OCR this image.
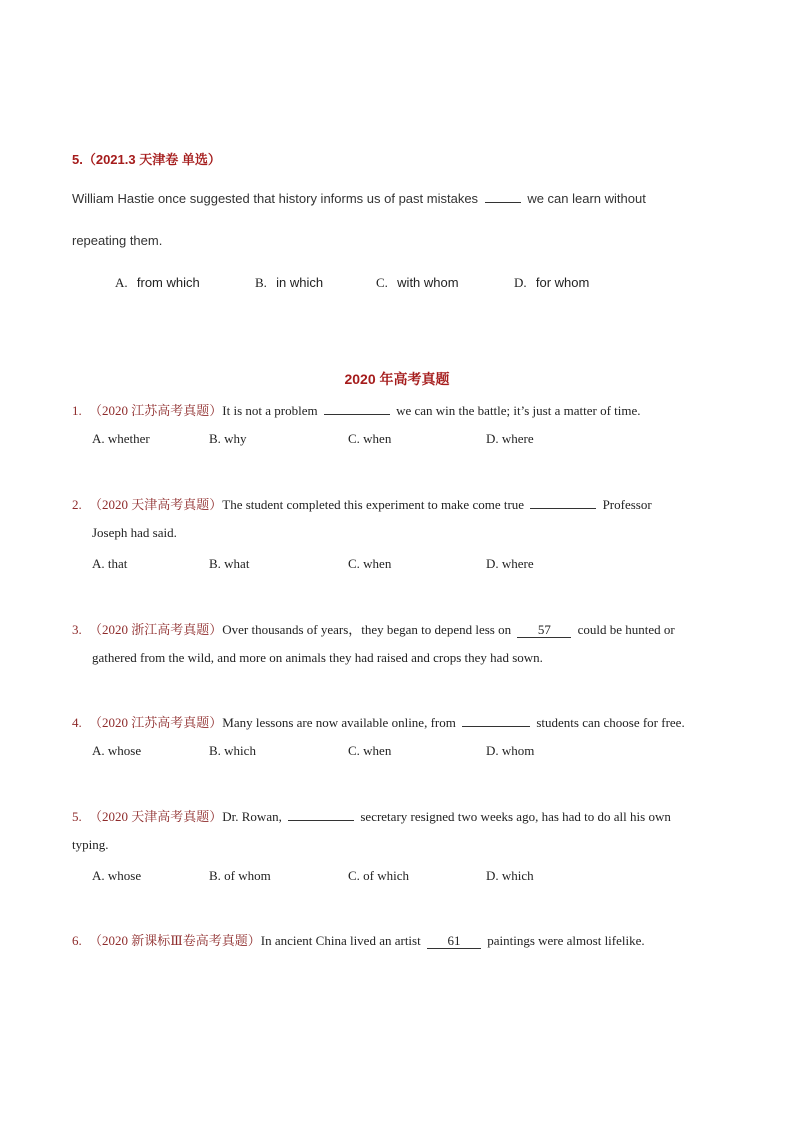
5.（2021.3 天津卷 单选）
William Hastie once suggested that history informs us of past mistakes	we can learn without
repeating them.
A. from which	B. in which	C. with whom	D. for whom
2020 年高考真题
1. （2020 江苏高考真题）It is not a problem	we can win the battle; it’s just a matter of time.
A. whether	B. why	C. when	D. where
2. （2020 天津高考真题）The student completed this experiment to make come true	Professor
Joseph had said.
A. that	B. what	C. when	D. where
3. （2020 浙江高考真题）Over thousands of years，they began to depend less on 57 could be hunted or
gathered from the wild, and more on animals they had raised and crops they had sown.
4. （2020 江苏高考真题）Many lessons are now available online, from	students can choose for free.
A. whose	B. which	C. when	D. whom
5. （2020 天津高考真题）Dr. Rowan,	secretary resigned two weeks ago, has had to do all his own
typing.
A. whose	B. of whom	C. of which	D. which
6. （2020 新课标Ⅲ卷高考真题）In ancient China lived an artist 61 paintings were almost lifelike.
